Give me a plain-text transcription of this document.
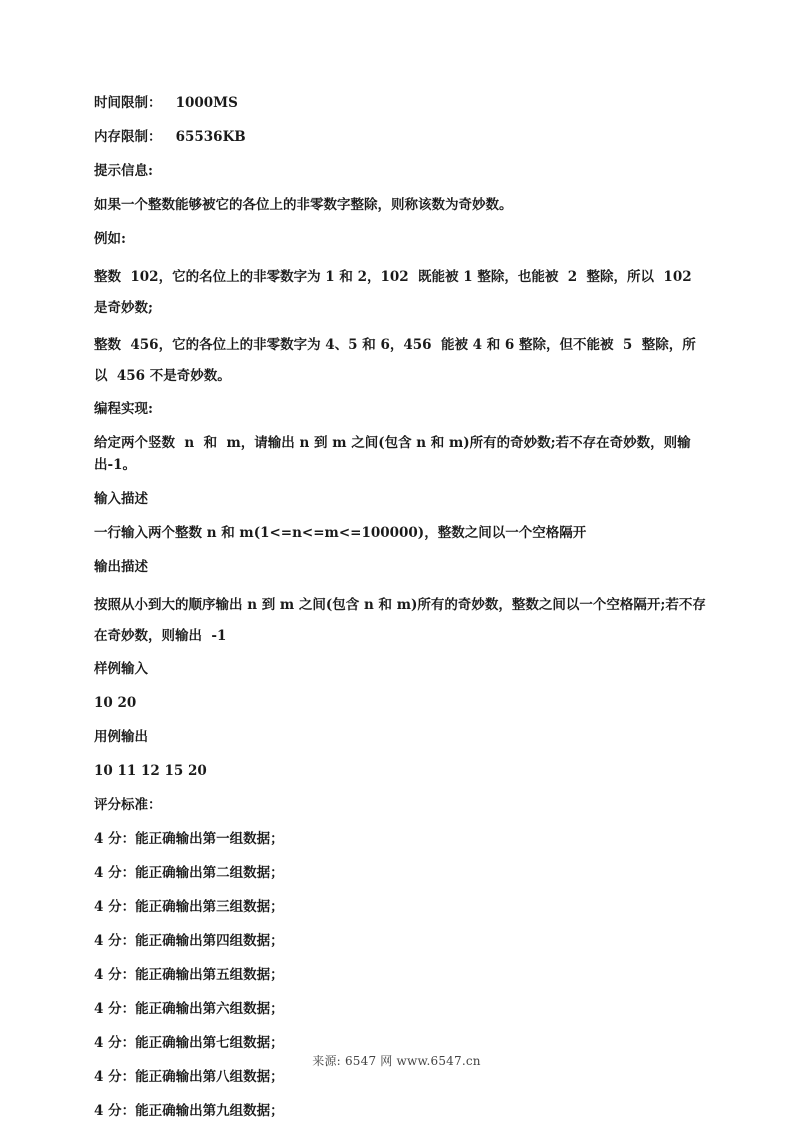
时间限制：   1000MS

内存限制：   65536KB

提示信息:

如果一个整数能够被它的各位上的非零数字整除，则称该数为奇妙数。

例如:

整数  102，它的名位上的非零数字为 1 和 2，102  既能被 1 整除，也能被  2  整除，所以  102  是奇妙数;

整数  456，它的各位上的非零数字为 4、5 和 6，456  能被 4 和 6 整除，但不能被  5  整除，所以  456 不是奇妙数。

编程实现:

给定两个竖数  n  和  m，请输出 n 到 m 之间(包含 n 和 m)所有的奇妙数;若不存在奇妙数，则输出-1。

输入描述

一行输入两个整数 n 和 m(1<=n<=m<=100000)，整数之间以一个空格隔开

输出描述

按照从小到大的顺序输出 n 到 m 之间(包含 n 和 m)所有的奇妙数，整数之间以一个空格隔开;若不存在奇妙数，则输出  -1

样例输入

10 20

用例输出

10 11 12 15 20

评分标准：

4 分：能正确输出第一组数据；

4 分：能正确输出第二组数据；

4 分：能正确输出第三组数据；

4 分：能正确输出第四组数据；

4 分：能正确输出第五组数据；

4 分：能正确输出第六组数据；

4 分：能正确输出第七组数据；

4 分：能正确输出第八组数据；

4 分：能正确输出第九组数据；

来源: 6547 网 www.6547.cn
